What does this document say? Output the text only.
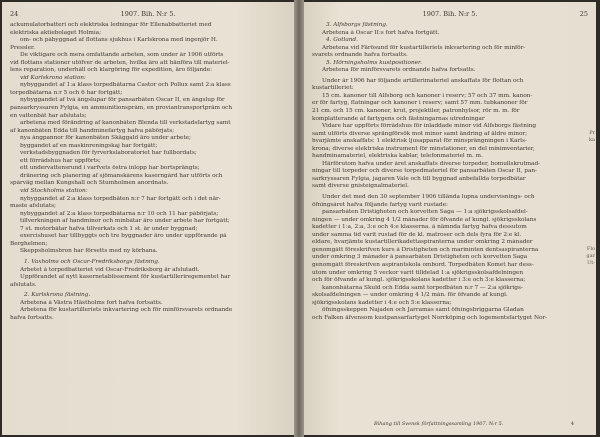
24	1907. Bih. N:r 5.
ackumulatorbatteri och elektriska ledningar för Ellenabbatteriet med
elektriska aktiebolaget Holmia;
om- och påbyggnad af flottans sjukhus i Karlskrona med ingenjör H.
Pressler.
De viktigare och mera omfattande arbeten, som under år 1906 utförts
vid flottans stationer utöfver de arbeten, hvilka äro att hänföra till materiel-
lens reparation, underhåll och klargöring för expedition, äro följande:
vid Karlskrona station:
nybyggandet af 1:a klass torpedbåtarna Castor och Pollux samt 2:a klass
torpedbåtarna n:r 5 och 6 har fortgått;
nybyggandet af två ångslupar för pansarbåten Oscar II, en ångslup för
pansarkryssaren Fylgia, en ammunitionspråm, en proviantransportpråm och
en vattenbåt har afslutats;
arbetena med förändring af kanonbåten Blenda till verkstadsfartyg samt
af kanonbåten Edda till handminefartyg hafva påbörjats;
nya ångpannor för kanonbåten Skäggald äro under arbete;
byggandet af en maskinreningskaj har fortgått;
verkstadsbyggnaden för fyrverkslaboratoriet har fullbordats;
ett förrådshus har uppförts;
ett undervattensrund i varfvets östra inlopp har bortsprängts;
dränering och planering af sjömanskårens kaserngård har utförts och
spårväg mellan Kungshall och Stumholmen anordnats.
vid Stockholms station:
nybyggandet af 2:a klass torpedbåten n:r 7 har fortgått och i det när-
maste afslutats;
nybyggandet af 2:a klass torpedbåtarna n:r 10 och 11 har påbörjats;
tillverkningen af handminor och minbåtar äro under arbete har fortgått;
7 st. motorbåtar hafva tillverkats och 1 st. är under byggnad;
exercishuset har tillbyggts och tre byggnader äro under uppförande på
Berghelmen;
Skeppsholmsbron har försetts med ny körbana.
1. Vaxholms och Oscar-Fredriksborgs fästning.
Arbetet å torpedbatteriet vid Oscar-Fredriksborg är afslutadt.
Uppförandet af nytt kasernetablissement för kustartilleriregementet har
afslutats.
2. Karlskrona fästning.
Arbetena å Västra Hästholms fort hafva fortsatts.
Arbetena för kustartilleriets inkvartering och för minförsvarets ordnande
hafva fortsatts.
1907. Bih. N:r 5.	25
3. Älfsborgs fästning.
Arbetena å Oscar II:s fort hafva fortgått.
4. Gotland.
Arbetena vid Färösund för kustartilleriets inkvartering och för minför-
svarets ordnande hafva fortsatts.
5. Hörningsholms kustpositioner.
Arbetena för minförsvarets ordnande hafva fortsatts.
Under år 1906 har följande artillerimateriel anskaffats för flottan och
kustartilleriet:
15 cm. kanoner till Älfsborg och kanoner i reserv; 57 och 37 mm. kanon-
er för fartyg, flatningar och kanoner i reserv; samt 57 mm. tubkanoner för
21 cm. och 15 cm. kanoner, krut, projektiler, patronhylsor, rör m. m. för
komplatterande af fartygens och fästningarnas utredningar
Vidare har uppförts förrådshus för inladdade minor vid Älfsborgs fästning
samt utförts diverse sprängförsök mot minor samt ändring af äldre minor;
hvarjämte anskaffats: 1 elektrisk ljusapparat för minsprängningen i Karls-
krona; diverse elektriska instrument för minstationer, en del minimventarier,
handminamateriel, elektriska kablar, telefonmateriel m. m.
Härförutom hafva under året anskaffats diverse torpeder, bomullskrutmad-
ningar till torpeder och diverse torpedmateriel för pansarbåten Oscar II, pan-
sarkryssaren Fylgia, jagaren Vale och till byggnad anbefallda torpedbåtar
samt diverse gnisteignalmateriel.
Under det med den 30 september 1906 tillända lupna undervisnings- och
öfningsåret hafva följande fartyg varit rustade:
pansarbåten Dristigheten och korvetten Saga — 1:a sjökrigsskolsafdel-
ningen — under omkring 4 1/2 månader för öfvande af kungl. sjökrigsskolans
kadetter i 1:a, 2:a, 3:e och 4:e klasserna. å nämnda fartyg hafva dessutom
under samma tid varit rustad för de kl. matroser och dels fyra för 2:e kl.
eldare, hvarjämte kustartillerikadettaspiranterna under omkring 2 månader
genomgått föreskrifven kurs å Dristigheten och marininten dentsaspiranterna
under omkring 3 månader å pansarbåten Dristigheten och korvetten Saga
genomgått föreskrifven aspirantskola ombord. Torpedbåten Komet har dess-
utom under omkring 5 veckor varit tilldelad 1:a sjökrigsskolsafdelningen
och för öfvande af kungl. sjökrigsskolans kadetter i 3:e och 3:e klasserna;
kanonbåtarna Skuld och Edda samt torpedbåten n:r 7 — 2:a sjökrigs-
skolsafdelningen — under omkring 4 1/2 mån. för öfvande af kungl.
sjökrigsskolans kadetter i 4:e och 5:e klasserna;
öfningsskeppen Najaden och Jarramas samt öfningsbriggarna Gladan
och Falken äfvensom kustpansarfartyget Norrköping och logementsfartyget Nor-
Pr
ka
Flo
gar
Ut-
Bihang till Svensk författningssamling 1907. N:r 5.	4
